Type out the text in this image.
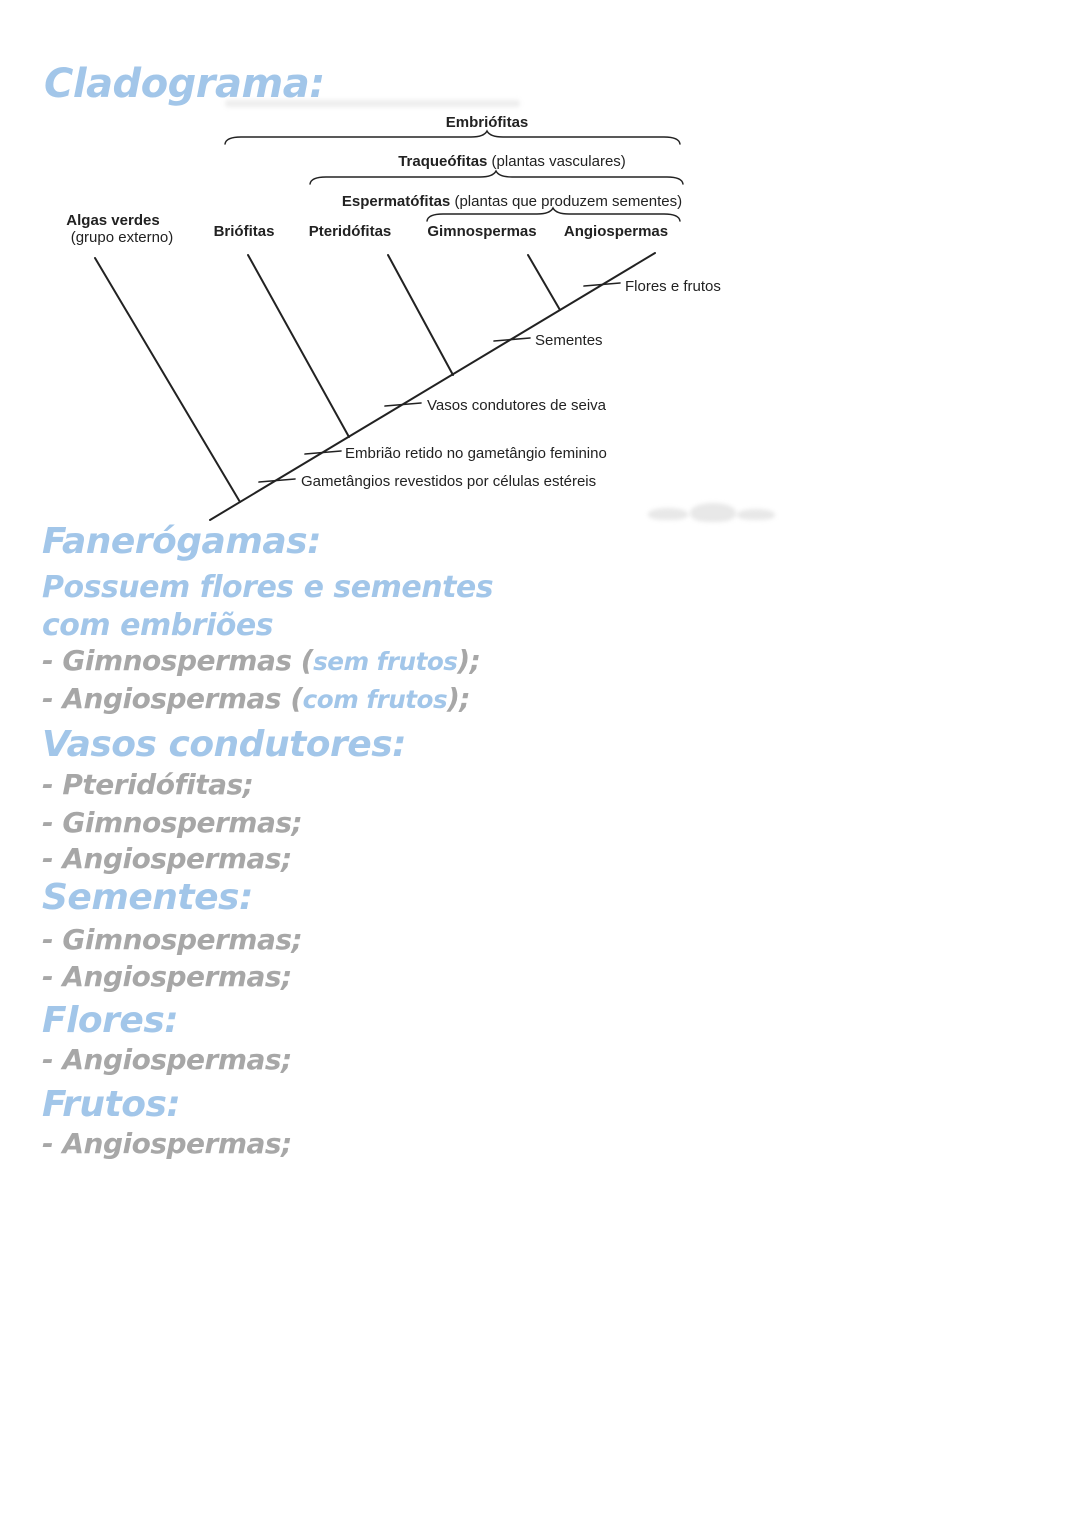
Cladograma:
Embriófitas
Traqueófitas (plantas vasculares)
Espermatófitas (plantas que produzem sementes)
Algas verdes
(grupo externo)	Briófitas Pteridófitas Gimnospermas Angiospermas
Flores e frutos
Sementes
Vasos condutores de seiva
Embrião retido no gametângio feminino
Gametângios revestidos por células estéreis
Fanerógamas:
Possuem flores e sementes
com embriões
- Gimnospermas (sem frutos);
- Angiospermas (com frutos);
Vasos condutores:
- Pteridófitas;
- Gimnospermas;
- Angiospermas;
Sementes:
- Gimnospermas;
- Angiospermas;
Flores:
- Angiospermas;
Frutos:
- Angiospermas;
